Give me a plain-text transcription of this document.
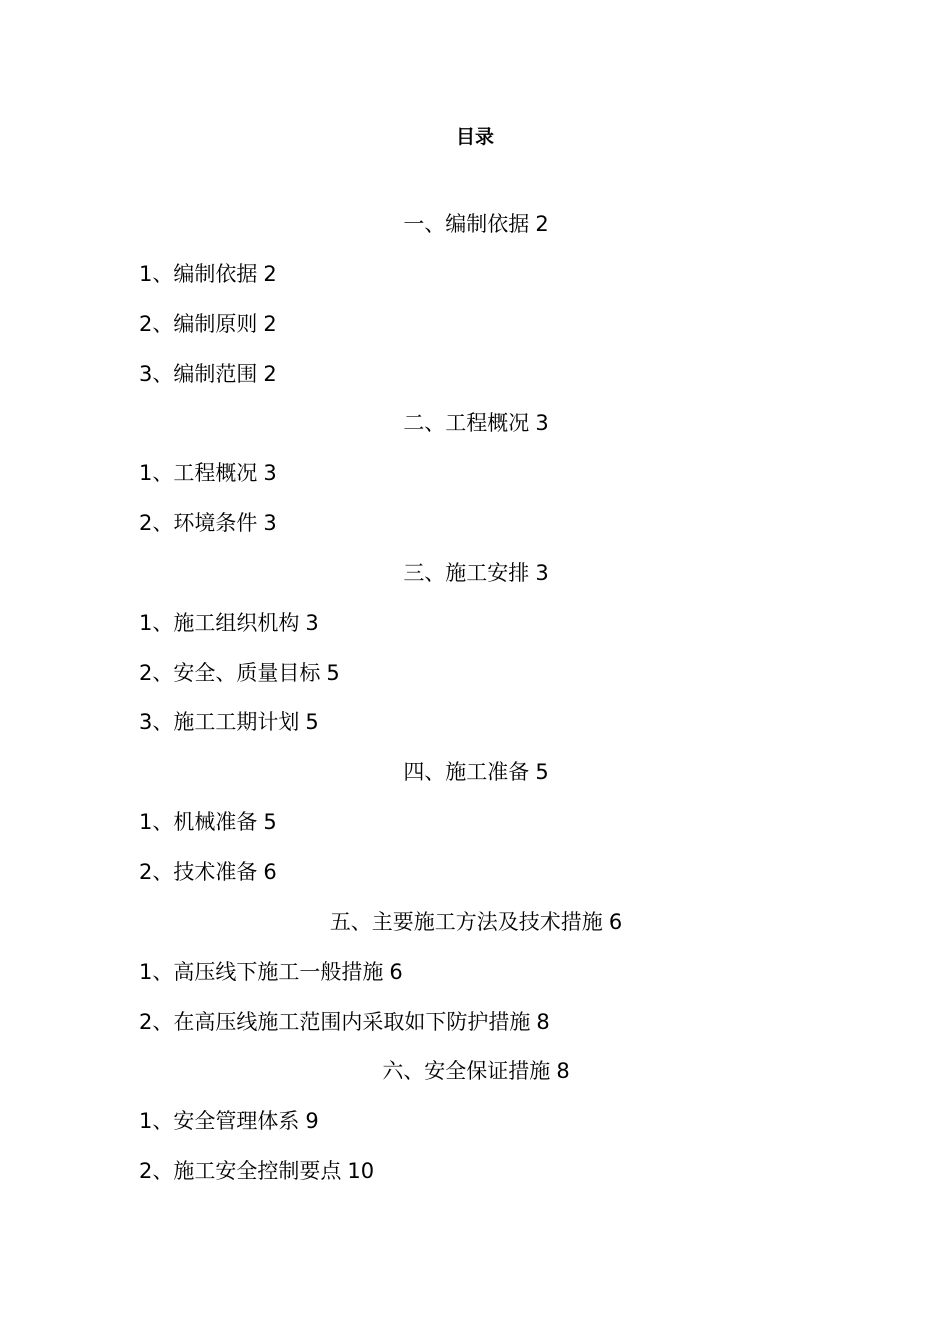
目录
一、编制依据 2
1、编制依据 2
2、编制原则 2
3、编制范围 2
二、工程概况 3
1、工程概况 3
2、环境条件 3
三、施工安排 3
1、施工组织机构 3
2、安全、质量目标 5
3、施工工期计划 5
四、施工准备 5
1、机械准备 5
2、技术准备 6
五、主要施工方法及技术措施 6
1、高压线下施工一般措施 6
2、在高压线施工范围内采取如下防护措施 8
六、安全保证措施 8
1、安全管理体系 9
2、施工安全控制要点 10
